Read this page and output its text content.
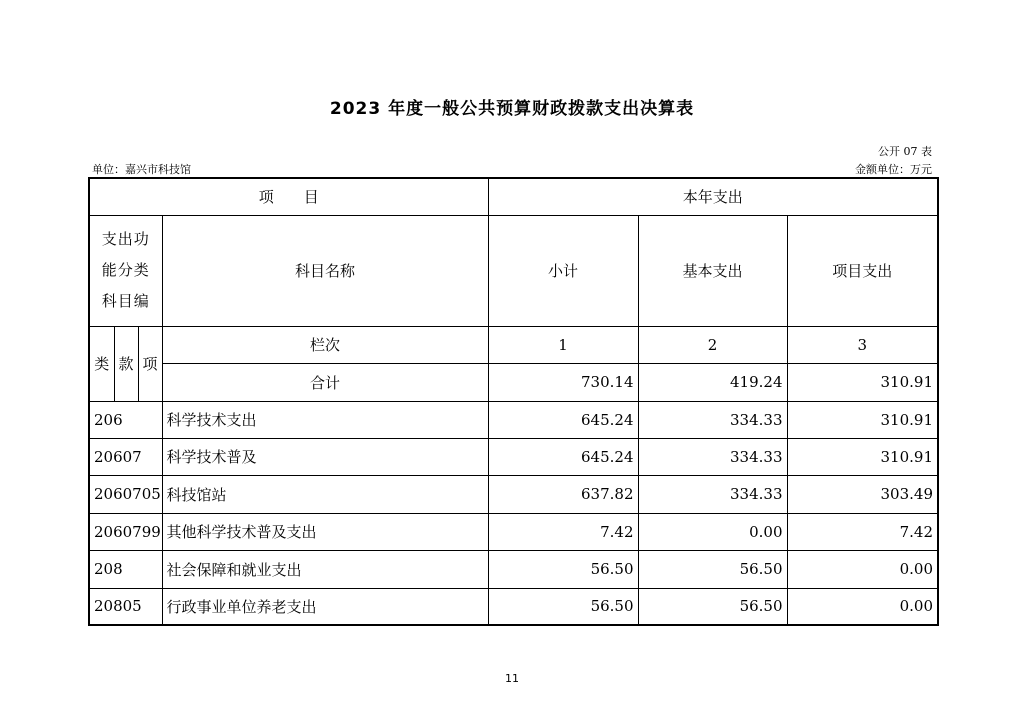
2023 年度一般公共预算财政拨款支出决算表
公开 07 表
单位：嘉兴市科技馆	金额单位：万元
项　　目				本年支出		
支出功能分类科目编			科目名称	小计	基本支出	项目支出
类	款	项	栏次	1	2	3
			合计	730.14	419.24	310.91
206			科学技术支出	645.24	334.33	310.91
20607			科学技术普及	645.24	334.33	310.91
2060705			科技馆站	637.82	334.33	303.49
2060799			其他科学技术普及支出	7.42	0.00	7.42
208			社会保障和就业支出	56.50	56.50	0.00
20805			行政事业单位养老支出	56.50	56.50	0.00
11
